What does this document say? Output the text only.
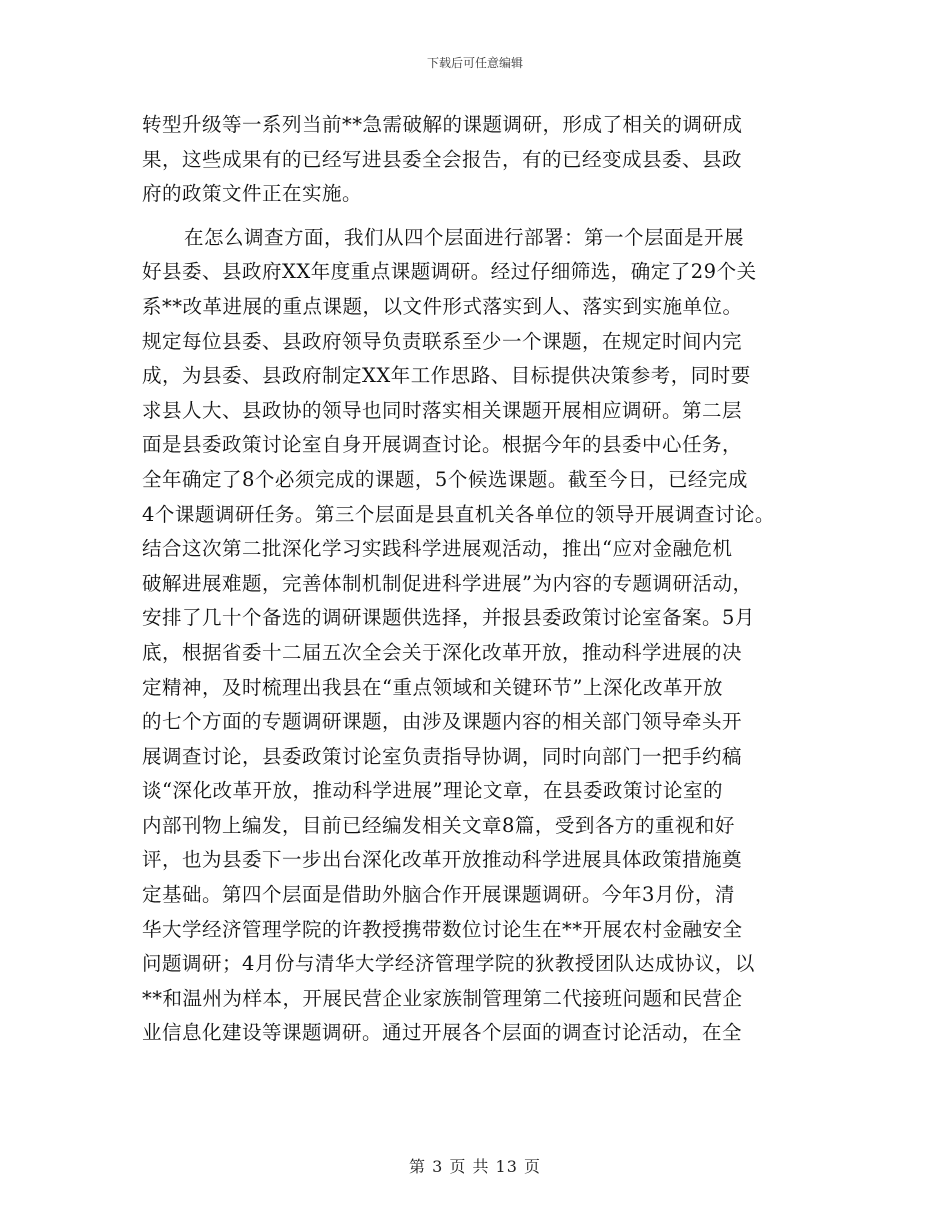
下载后可任意编辑
转型升级等一系列当前**急需破解的课题调研，形成了相关的调研成
果，这些成果有的已经写进县委全会报告，有的已经变成县委、县政
府的政策文件正在实施。
在怎么调查方面，我们从四个层面进行部署：第一个层面是开展
好县委、县政府XX年度重点课题调研。经过仔细筛选，确定了29个关
系**改革进展的重点课题，以文件形式落实到人、落实到实施单位。
规定每位县委、县政府领导负责联系至少一个课题，在规定时间内完
成，为县委、县政府制定XX年工作思路、目标提供决策参考，同时要
求县人大、县政协的领导也同时落实相关课题开展相应调研。第二层
面是县委政策讨论室自身开展调查讨论。根据今年的县委中心任务，
全年确定了8个必须完成的课题，5个候选课题。截至今日，已经完成
4个课题调研任务。第三个层面是县直机关各单位的领导开展调查讨论。
结合这次第二批深化学习实践科学进展观活动，推出“应对金融危机
破解进展难题，完善体制机制促进科学进展”为内容的专题调研活动，
安排了几十个备选的调研课题供选择，并报县委政策讨论室备案。5月
底，根据省委十二届五次全会关于深化改革开放，推动科学进展的决
定精神，及时梳理出我县在“重点领域和关键环节”上深化改革开放
的七个方面的专题调研课题，由涉及课题内容的相关部门领导牵头开
展调查讨论，县委政策讨论室负责指导协调，同时向部门一把手约稿
谈“深化改革开放，推动科学进展”理论文章，在县委政策讨论室的
内部刊物上编发，目前已经编发相关文章8篇，受到各方的重视和好
评，也为县委下一步出台深化改革开放推动科学进展具体政策措施奠
定基础。第四个层面是借助外脑合作开展课题调研。今年3月份，清
华大学经济管理学院的许教授携带数位讨论生在**开展农村金融安全
问题调研；4月份与清华大学经济管理学院的狄教授团队达成协议，以
**和温州为样本，开展民营企业家族制管理第二代接班问题和民营企
业信息化建设等课题调研。通过开展各个层面的调查讨论活动，在全
第 3 页 共 13 页
